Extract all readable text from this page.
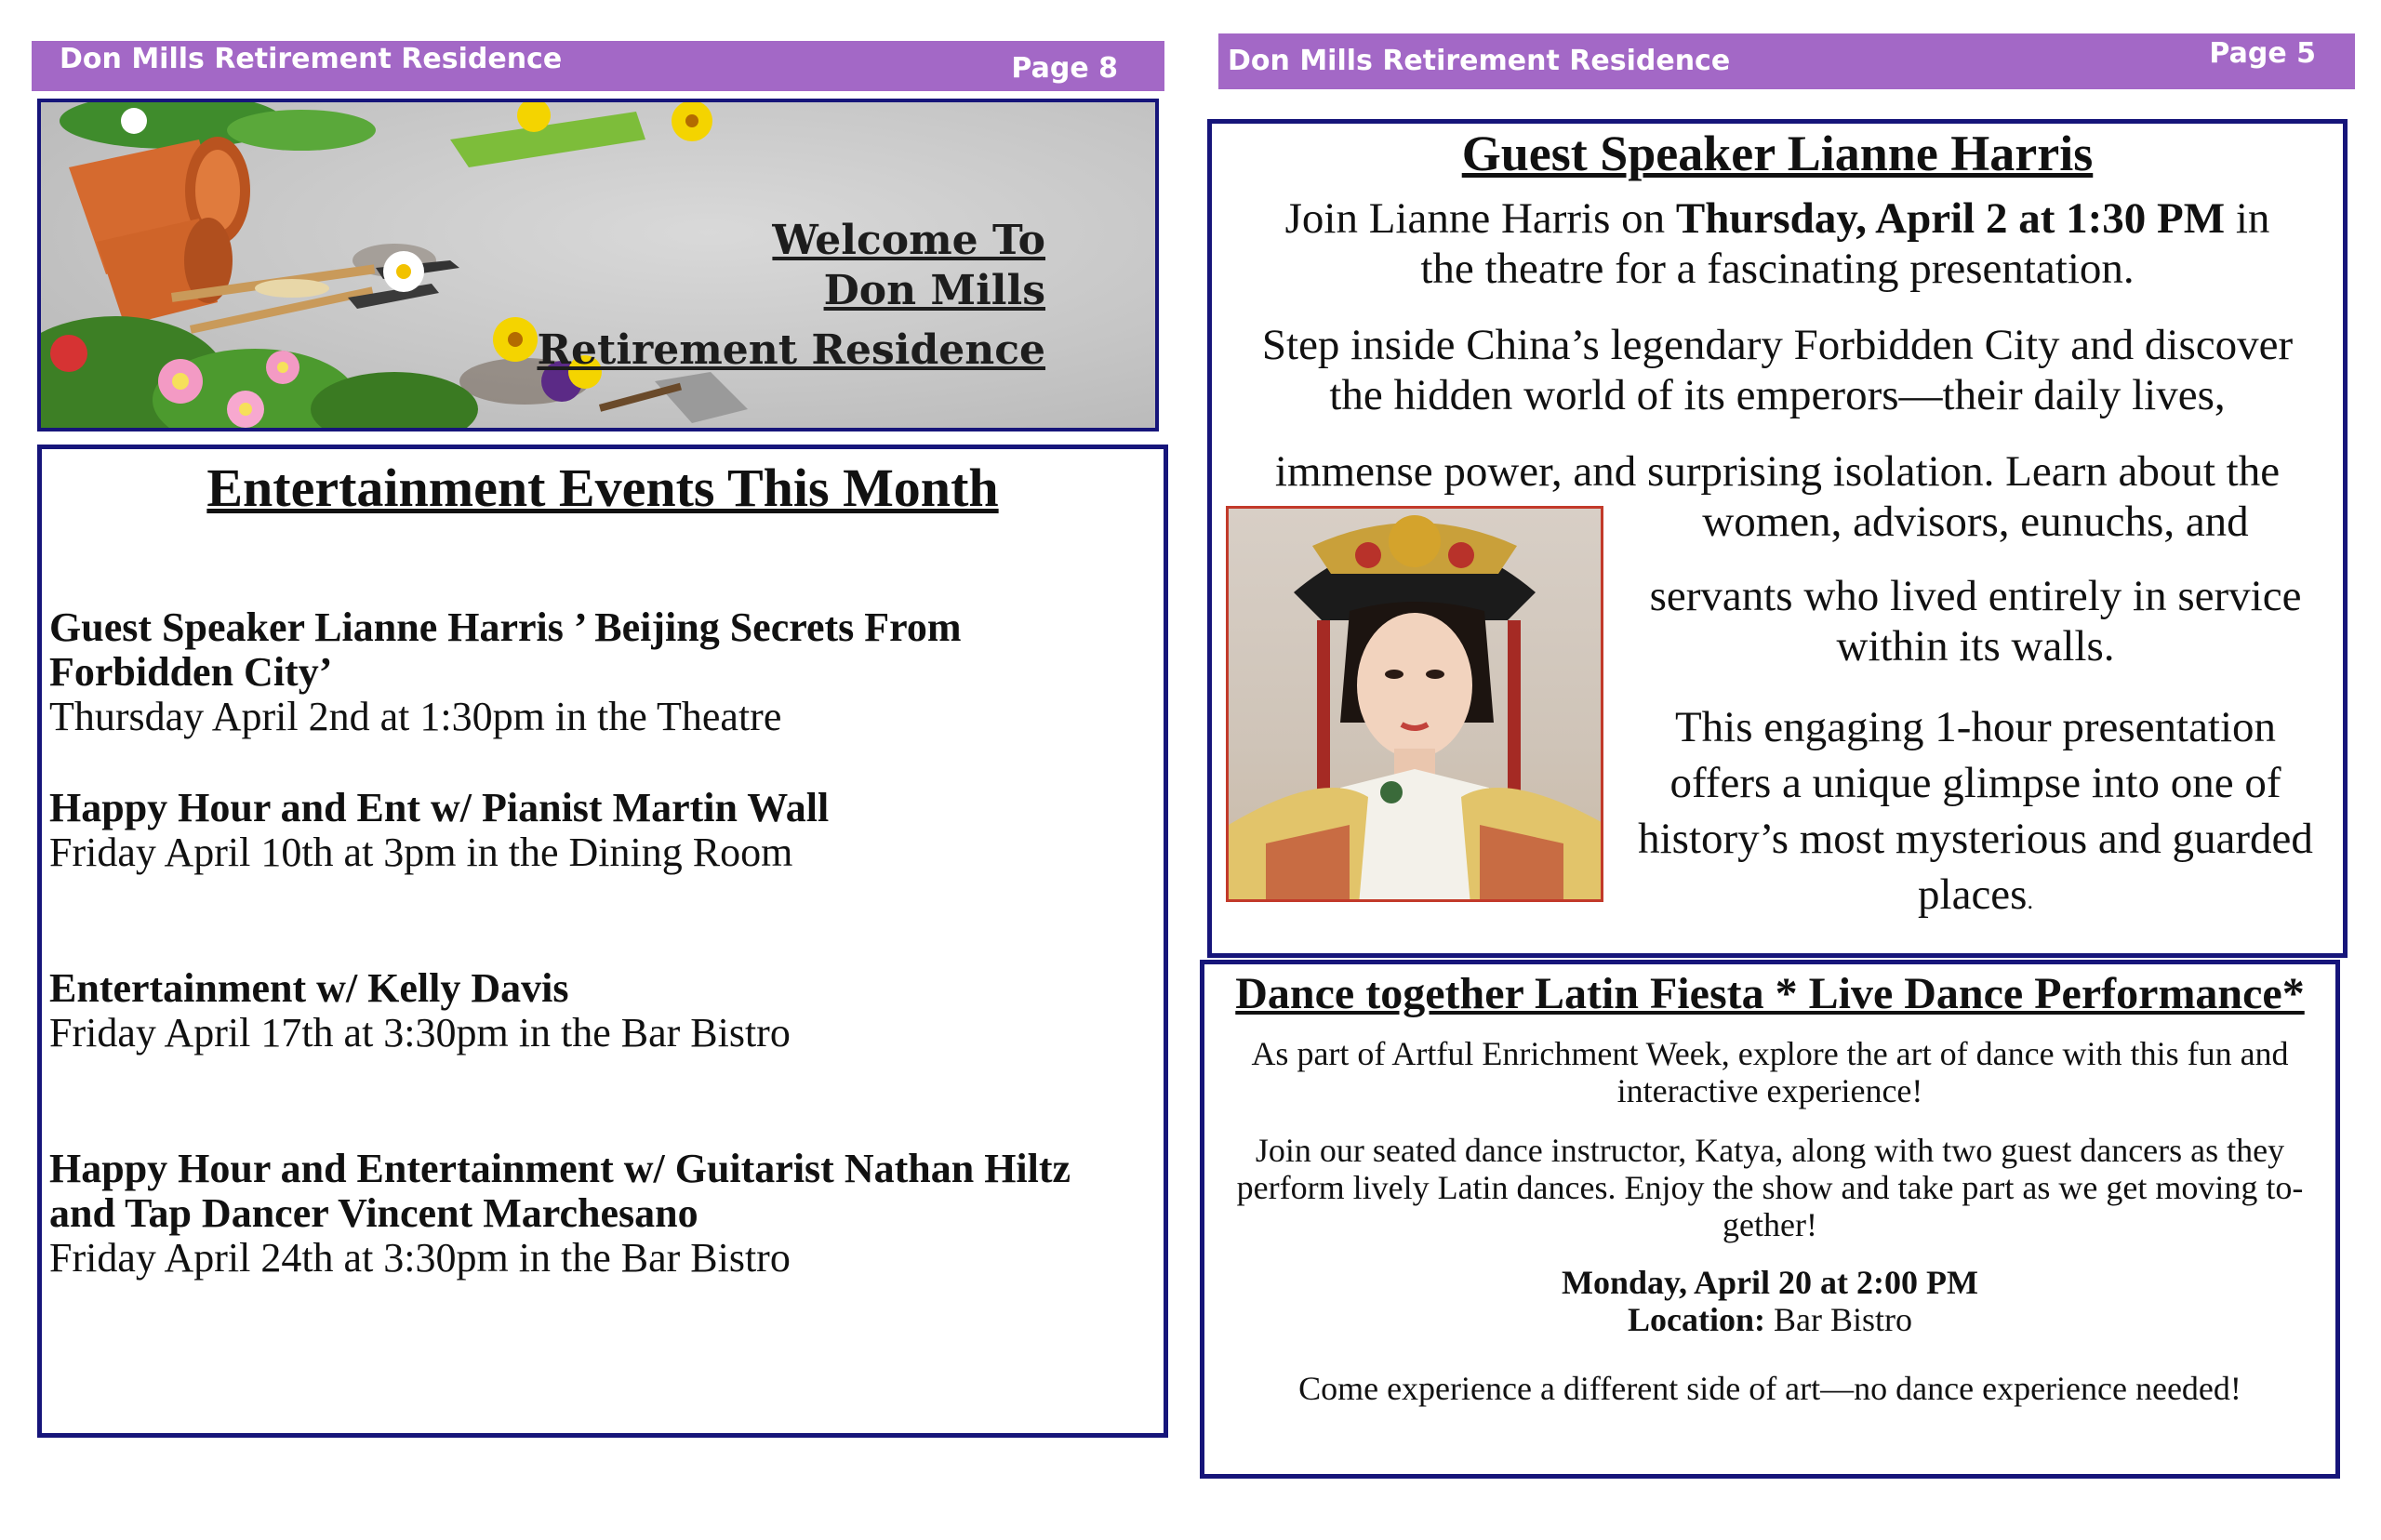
Don Mills Retirement Residence	Page 8
Welcome To
Don Mills
Retirement Residence
Entertainment Events This Month
Guest Speaker Lianne Harris ’ Beijing Secrets From
Forbidden City’
Thursday April 2nd at 1:30pm in the Theatre
Happy Hour and Ent w/ Pianist Martin Wall
Friday April 10th at 3pm in the Dining Room
Entertainment w/ Kelly Davis
Friday April 17th at 3:30pm in the Bar Bistro
Happy Hour and Entertainment w/ Guitarist Nathan Hiltz
and Tap Dancer Vincent Marchesano
Friday April 24th at 3:30pm in the Bar Bistro
Don Mills Retirement Residence	Page 5
Guest Speaker Lianne Harris
Join Lianne Harris on Thursday, April 2 at 1:30 PM in
the theatre for a fascinating presentation.
Step inside China’s legendary Forbidden City and discover
the hidden world of its emperors—their daily lives,
immense power, and surprising isolation. Learn about the
women, advisors, eunuchs, and
servants who lived entirely in service
within its walls.
This engaging 1-hour presentation
offers a unique glimpse into one of
history’s most mysterious and guarded
places.
Dance together Latin Fiesta * Live Dance Performance*
As part of Artful Enrichment Week, explore the art of dance with this fun and
interactive experience!
Join our seated dance instructor, Katya, along with two guest dancers as they
perform lively Latin dances. Enjoy the show and take part as we get moving to-
gether!
Monday, April 20 at 2:00 PM
Location: Bar Bistro
Come experience a different side of art—no dance experience needed!
